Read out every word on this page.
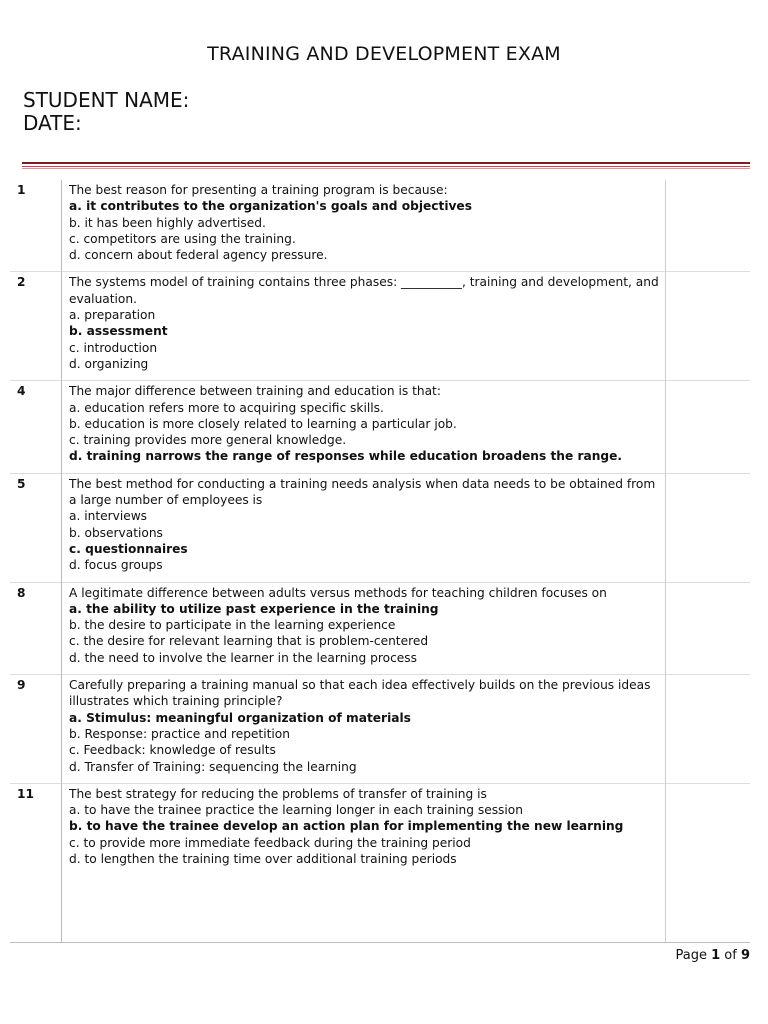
TRAINING AND DEVELOPMENT EXAM
STUDENT NAME:
DATE:
1	The best reason for presenting a training program is because:
a. it contributes to the organization's goals and objectives
b. it has been highly advertised.
c. competitors are using the training.
d. concern about federal agency pressure.	

2	The systems model of training contains three phases: __________, training and development, and evaluation.
a. preparation
b. assessment
c. introduction
d. organizing	

4	The major difference between training and education is that:
a. education refers more to acquiring specific skills.
b. education is more closely related to learning a particular job.
c. training provides more general knowledge.
d. training narrows the range of responses while education broadens the range.	

5	The best method for conducting a training needs analysis when data needs to be obtained from a large number of employees is
a. interviews
b. observations
c. questionnaires
d. focus groups	

8	A legitimate difference between adults versus methods for teaching children focuses on
a. the ability to utilize past experience in the training
b. the desire to participate in the learning experience
c. the desire for relevant learning that is problem-centered
d. the need to involve the learner in the learning process	

9	Carefully preparing a training manual so that each idea effectively builds on the previous ideas illustrates which training principle?
a. Stimulus: meaningful organization of materials
b. Response: practice and repetition
c. Feedback: knowledge of results
d. Transfer of Training: sequencing the learning	

11	The best strategy for reducing the problems of transfer of training is
a. to have the trainee practice the learning longer in each training session
b. to have the trainee develop an action plan for implementing the new learning
c. to provide more immediate feedback during the training period
d. to lengthen the training time over additional training periods	

Page 1 of 9
